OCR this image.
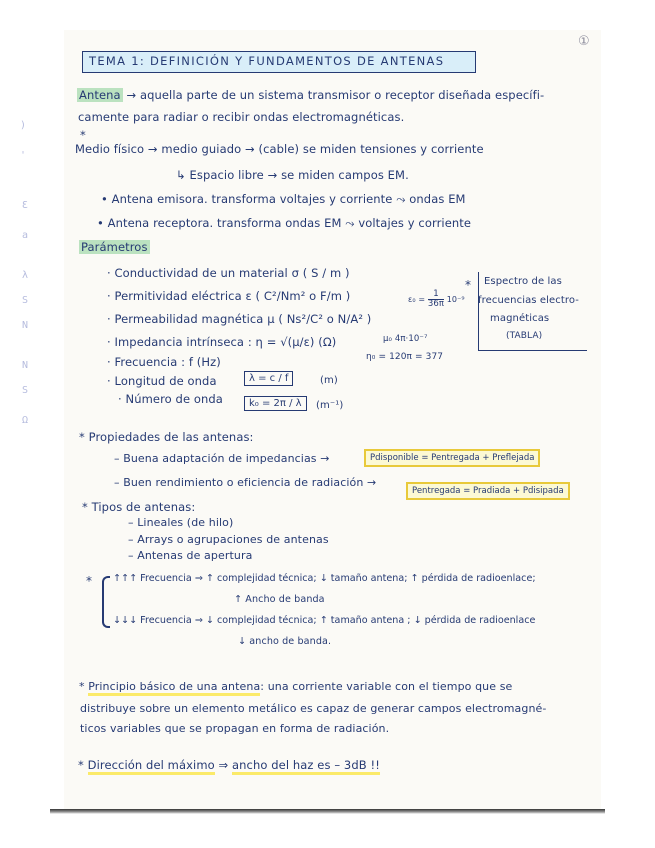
)
'
Ɛ
a
λ
S
N
N
S
Ω
①
TEMA 1: DEFINICIÓN Y FUNDAMENTOS DE ANTENAS
Antena → aquella parte de un sistema transmisor o receptor diseñada específi-
camente para radiar o recibir ondas electromagnéticas.
*
Medio físico → medio guiado → (cable) se miden tensiones y corriente
↳ Espacio libre → se miden campos EM.
• Antena emisora. transforma voltajes y corriente ⤳ ondas EM
• Antena receptora. transforma ondas EM ⤳ voltajes y corriente
Parámetros
· Conductividad de un material σ ( S / m )
· Permitividad eléctrica ε ( C²/Nm² o F/m )
· Permeabilidad magnética μ ( Ns²/C² o N/A² )
· Impedancia intrínseca : η = √(μ/ε) (Ω)
· Frecuencia : f (Hz)
· Longitud de onda
· Número de onda
$\varepsilon_0 = \frac{1}{36\pi} 10^{-9}$
μ₀ 4π·10⁻⁷
η₀ = 120π = 377
λ = c / f	(m)
k₀ = 2π / λ	(m⁻¹)
* Espectro de las
frecuencias electro-
magnéticas
(TABLA)
* Propiedades de las antenas:
– Buena adaptación de impedancias →	Pdisponible = Pentregada + Preflejada
– Buen rendimiento o eficiencia de radiación →
Pentregada = Pradiada + Pdisipada
* Tipos de antenas:
– Lineales (de hilo)
– Arrays o agrupaciones de antenas
– Antenas de apertura
* ↑↑↑ Frecuencia ⇒ ↑ complejidad técnica; ↓ tamaño antena; ↑ pérdida de radioenlace;
↑ Ancho de banda
↓↓↓ Frecuencia ⇒ ↓ complejidad técnica; ↑ tamaño antena ; ↓ pérdida de radioenlace
↓ ancho de banda.
* Principio básico de una antena: una corriente variable con el tiempo que se
distribuye sobre un elemento metálico es capaz de generar campos electromagné-
ticos variables que se propagan en forma de radiación.
* Dirección del máximo ⇒ ancho del haz es – 3dB !!
